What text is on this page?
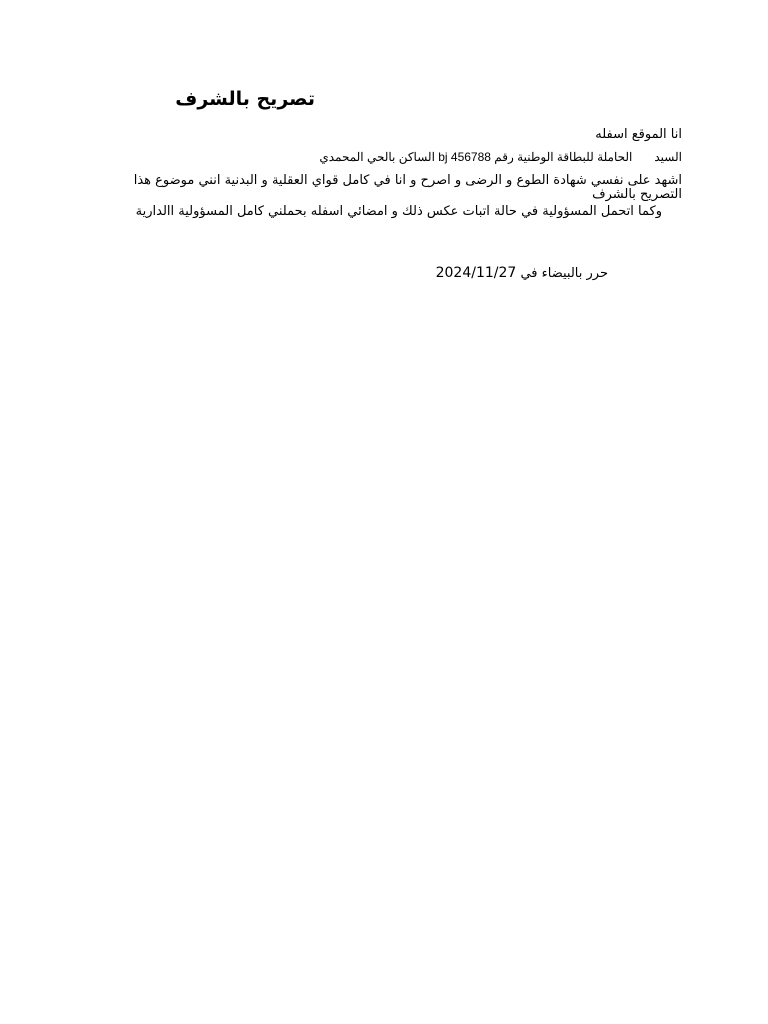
تصريح بالشرف
انا الموقع اسفله
السيدالحاملة للبطاقة الوطنية رقم bj 456788 الساكن بالحي المحمدي
اشهد على نفسي شهادة الطوع و الرضى و اصرح و انا في كامل قواي العقلية و البدنية انني موضوع هذا التصريح بالشرف
وكما اتحمل المسؤولية في حالة اتبات عكس ذلك و امضائي اسفله بحملني كامل المسؤولية االدارية
حرر بالبيضاء في 2024/11/27
